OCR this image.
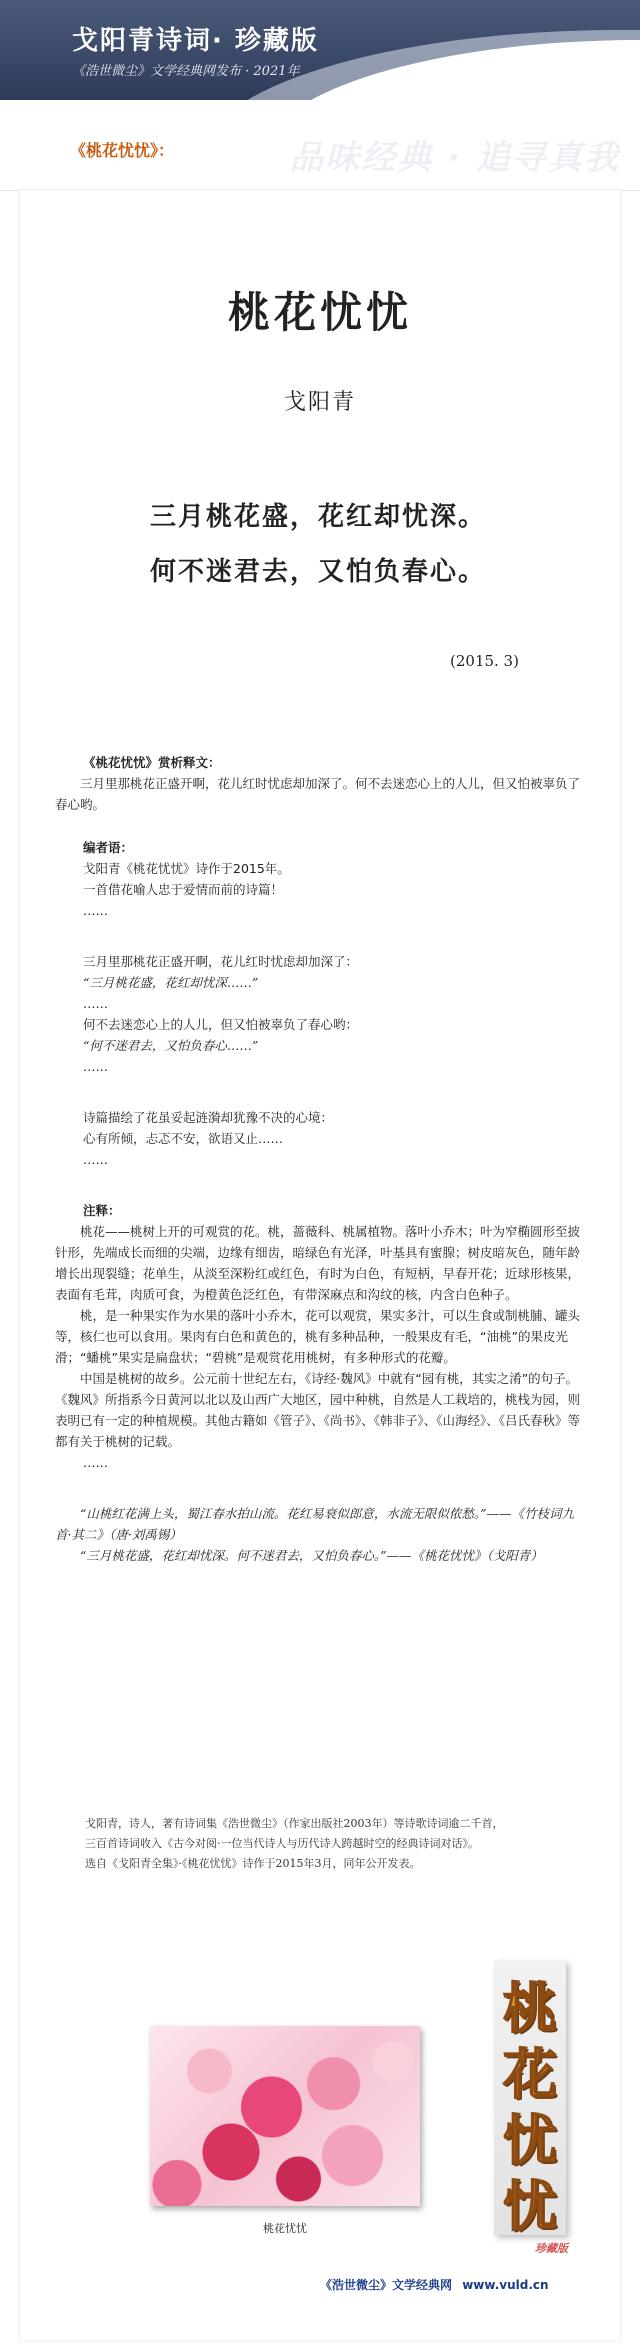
戈阳青诗词· 珍藏版
《浩世微尘》文学经典网发布 · 2021年
《桃花忧忧》：	品味经典 · 追寻真我
桃花忧忧
戈阳青
三月桃花盛，花红却忧深。
何不迷君去，又怕负春心。
(2015. 3)

《桃花忧忧》赏析释文：

三月里那桃花正盛开啊，花儿红时忧虑却加深了。何不去迷恋心上的人儿，但又怕被辜负了春心哟。

编者语：

戈阳青《桃花忧忧》诗作于2015年。

一首借花喻人忠于爱情而前的诗篇！

……

三月里那桃花正盛开啊，花儿红时忧虑却加深了：

“三月桃花盛，花红却忧深……”

……

何不去迷恋心上的人儿，但又怕被辜负了春心哟：

“何不迷君去，又怕负春心……”

……

诗篇描绘了花虽妥起涟漪却犹豫不决的心境：

心有所倾，忐忑不安，欲语又止……

……

注释：

桃花——桃树上开的可观赏的花。桃，蔷薇科、桃属植物。落叶小乔木；叶为窄椭圆形至披针形，先端成长而细的尖端，边缘有细齿，暗绿色有光泽，叶基具有蜜腺；树皮暗灰色，随年龄增长出现裂缝；花单生，从淡至深粉红或红色，有时为白色，有短柄，早春开花；近球形核果，表面有毛茸，肉质可食，为橙黄色泛红色，有带深麻点和沟纹的核，内含白色种子。

桃，是一种果实作为水果的落叶小乔木，花可以观赏，果实多汁，可以生食或制桃脯、罐头等，核仁也可以食用。果肉有白色和黄色的，桃有多种品种，一般果皮有毛，“油桃”的果皮光滑；“蟠桃”果实是扁盘状；“碧桃”是观赏花用桃树，有多种形式的花瓣。

中国是桃树的故乡。公元前十世纪左右，《诗经·魏风》中就有“园有桃，其实之淆”的句子。《魏风》所指系今日黄河以北以及山西广大地区，园中种桃，自然是人工栽培的，桃栈为园，则表明已有一定的种植规模。其他古籍如《管子》、《尚书》、《韩非子》、《山海经》、《吕氏春秋》等都有关于桃树的记载。

……

“山桃红花满上头，蜀江春水拍山流。花红易衰似郎意，水流无限似侬愁。”——《竹枝词九首·其二》（唐·刘禹锡）

“三月桃花盛，花红却忧深。何不迷君去，又怕负春心。”——《桃花忧忧》（戈阳青）

戈阳青，诗人，著有诗词集《浩世微尘》（作家出版社2003年）等诗歌诗词逾二千首，
三百首诗词收入《古今对阅·一位当代诗人与历代诗人跨越时空的经典诗词对话》。
选自《戈阳青全集》·《桃花忧忧》诗作于2015年3月，同年公开发表。
桃花忧忧
桃
花
忧
忧
珍藏版
《浩世微尘》文学经典网 www.vuld.cn
